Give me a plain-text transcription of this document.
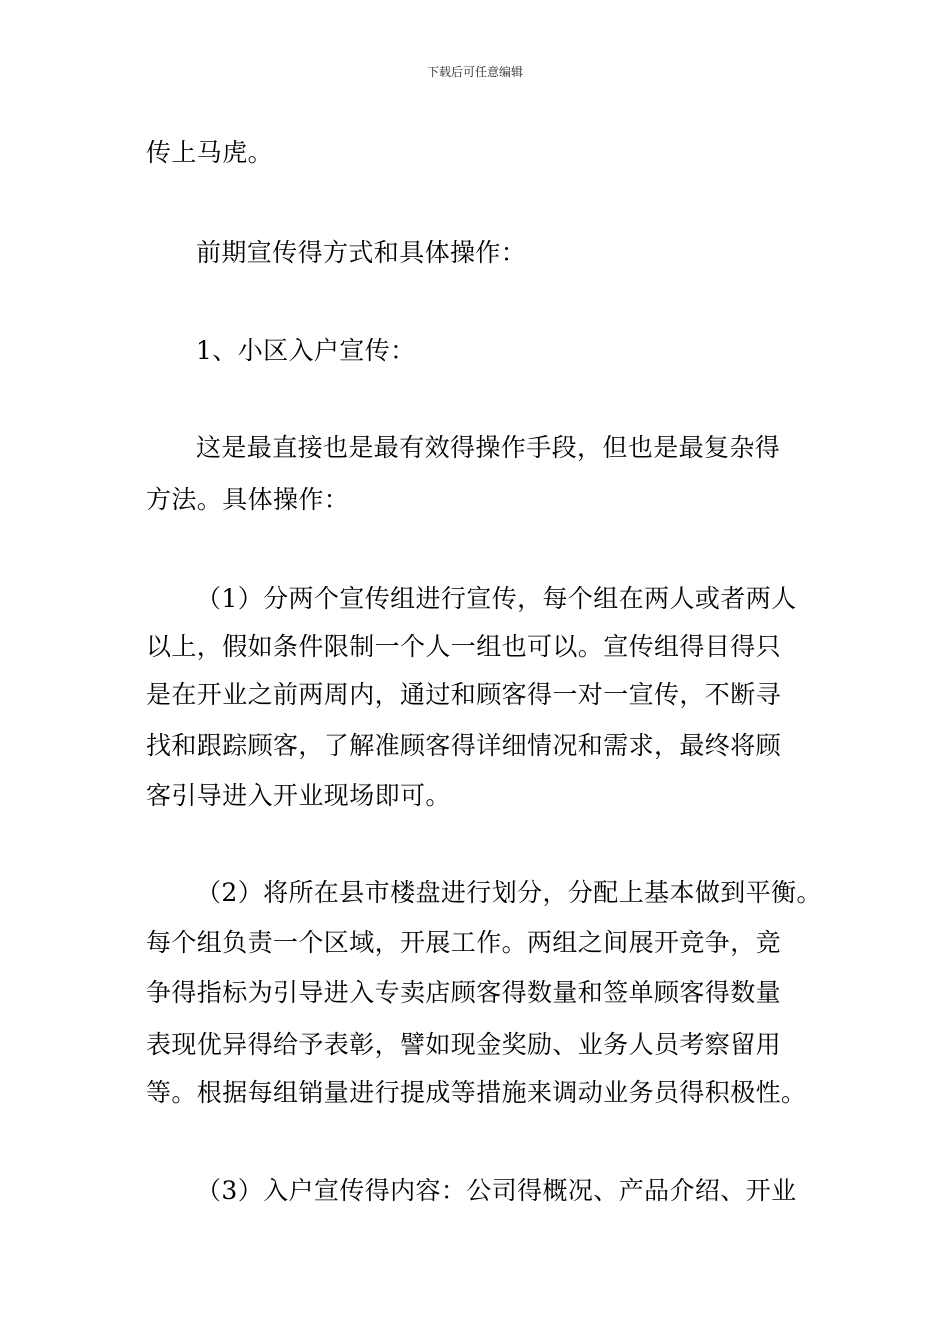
下载后可任意编辑
传上马虎。
前期宣传得方式和具体操作：
1、小区入户宣传：
这是最直接也是最有效得操作手段，但也是最复杂得
方法。具体操作：
（1）分两个宣传组进行宣传，每个组在两人或者两人
以上，假如条件限制一个人一组也可以。宣传组得目得只
是在开业之前两周内，通过和顾客得一对一宣传，不断寻
找和跟踪顾客，了解准顾客得详细情况和需求，最终将顾
客引导进入开业现场即可。
（2）将所在县市楼盘进行划分，分配上基本做到平衡。
每个组负责一个区域，开展工作。两组之间展开竞争，竞
争得指标为引导进入专卖店顾客得数量和签单顾客得数量
表现优异得给予表彰，譬如现金奖励、业务人员考察留用
等。根据每组销量进行提成等措施来调动业务员得积极性。
（3）入户宣传得内容：公司得概况、产品介绍、开业
